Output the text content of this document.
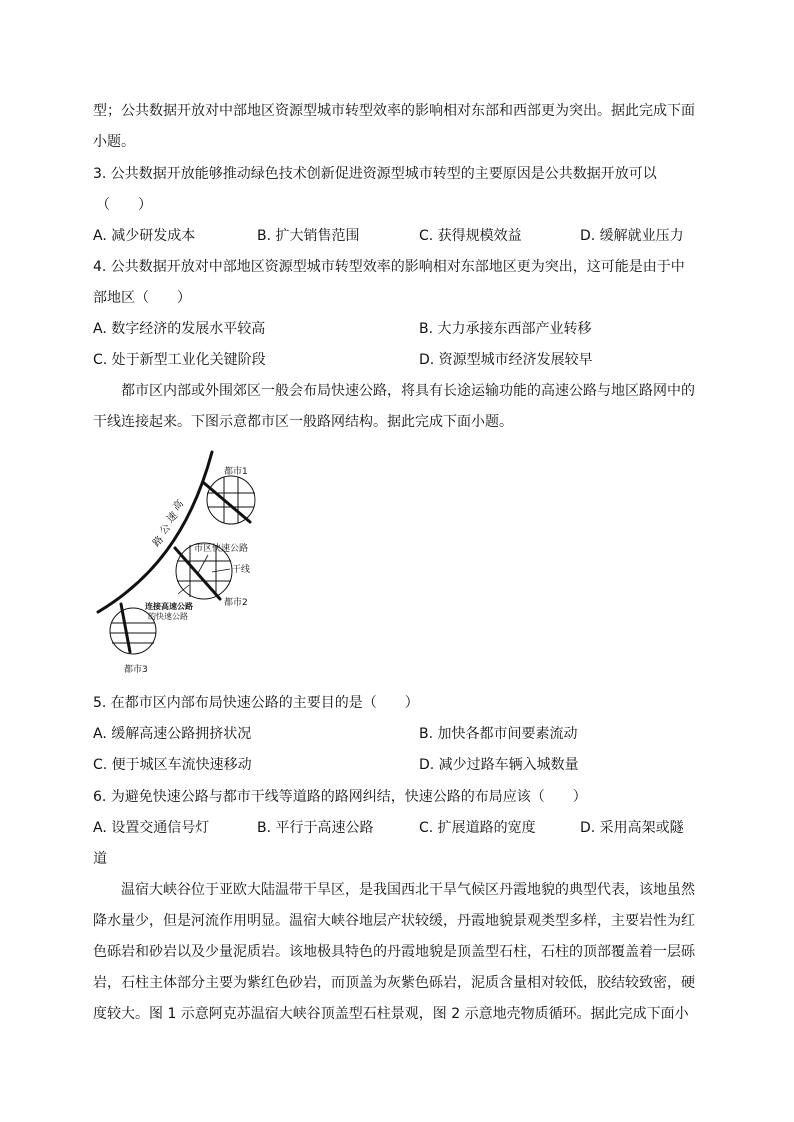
型；公共数据开放对中部地区资源型城市转型效率的影响相对东部和西部更为突出。据此完成下面
小题。
3. 公共数据开放能够推动绿色技术创新促进资源型城市转型的主要原因是公共数据开放可以
（　　）
A. 减少研发成本	B. 扩大销售范围	C. 获得规模效益	D. 缓解就业压力
4. 公共数据开放对中部地区资源型城市转型效率的影响相对东部地区更为突出，这可能是由于中
部地区（　　）
A. 数字经济的发展水平较高	B. 大力承接东西部产业转移
C. 处于新型工业化关键阶段	D. 资源型城市经济发展较早
都市区内部或外围郊区一般会布局快速公路，将具有长途运输功能的高速公路与地区路网中的
干线连接起来。下图示意都市区一般路网结构。据此完成下面小题。
都市1
都市2
都市3
市区快速公路
干线
连接高速公路
的快速公路
高
速
公
路
5. 在都市区内部布局快速公路的主要目的是（　　）
A. 缓解高速公路拥挤状况	B. 加快各都市间要素流动
C. 便于城区车流快速移动	D. 减少过路车辆入城数量
6. 为避免快速公路与都市干线等道路的路网纠结，快速公路的布局应该（　　）
A. 设置交通信号灯	B. 平行于高速公路	C. 扩展道路的宽度	D. 采用高架或隧
道
温宿大峡谷位于亚欧大陆温带干旱区，是我国西北干旱气候区丹霞地貌的典型代表，该地虽然
降水量少，但是河流作用明显。温宿大峡谷地层产状较缓，丹霞地貌景观类型多样，主要岩性为红
色砾岩和砂岩以及少量泥质岩。该地极具特色的丹霞地貌是顶盖型石柱，石柱的顶部覆盖着一层砾
岩，石柱主体部分主要为紫红色砂岩，而顶盖为灰紫色砾岩，泥质含量相对较低，胶结较致密，硬
度较大。图 1 示意阿克苏温宿大峡谷顶盖型石柱景观，图 2 示意地壳物质循环。据此完成下面小
